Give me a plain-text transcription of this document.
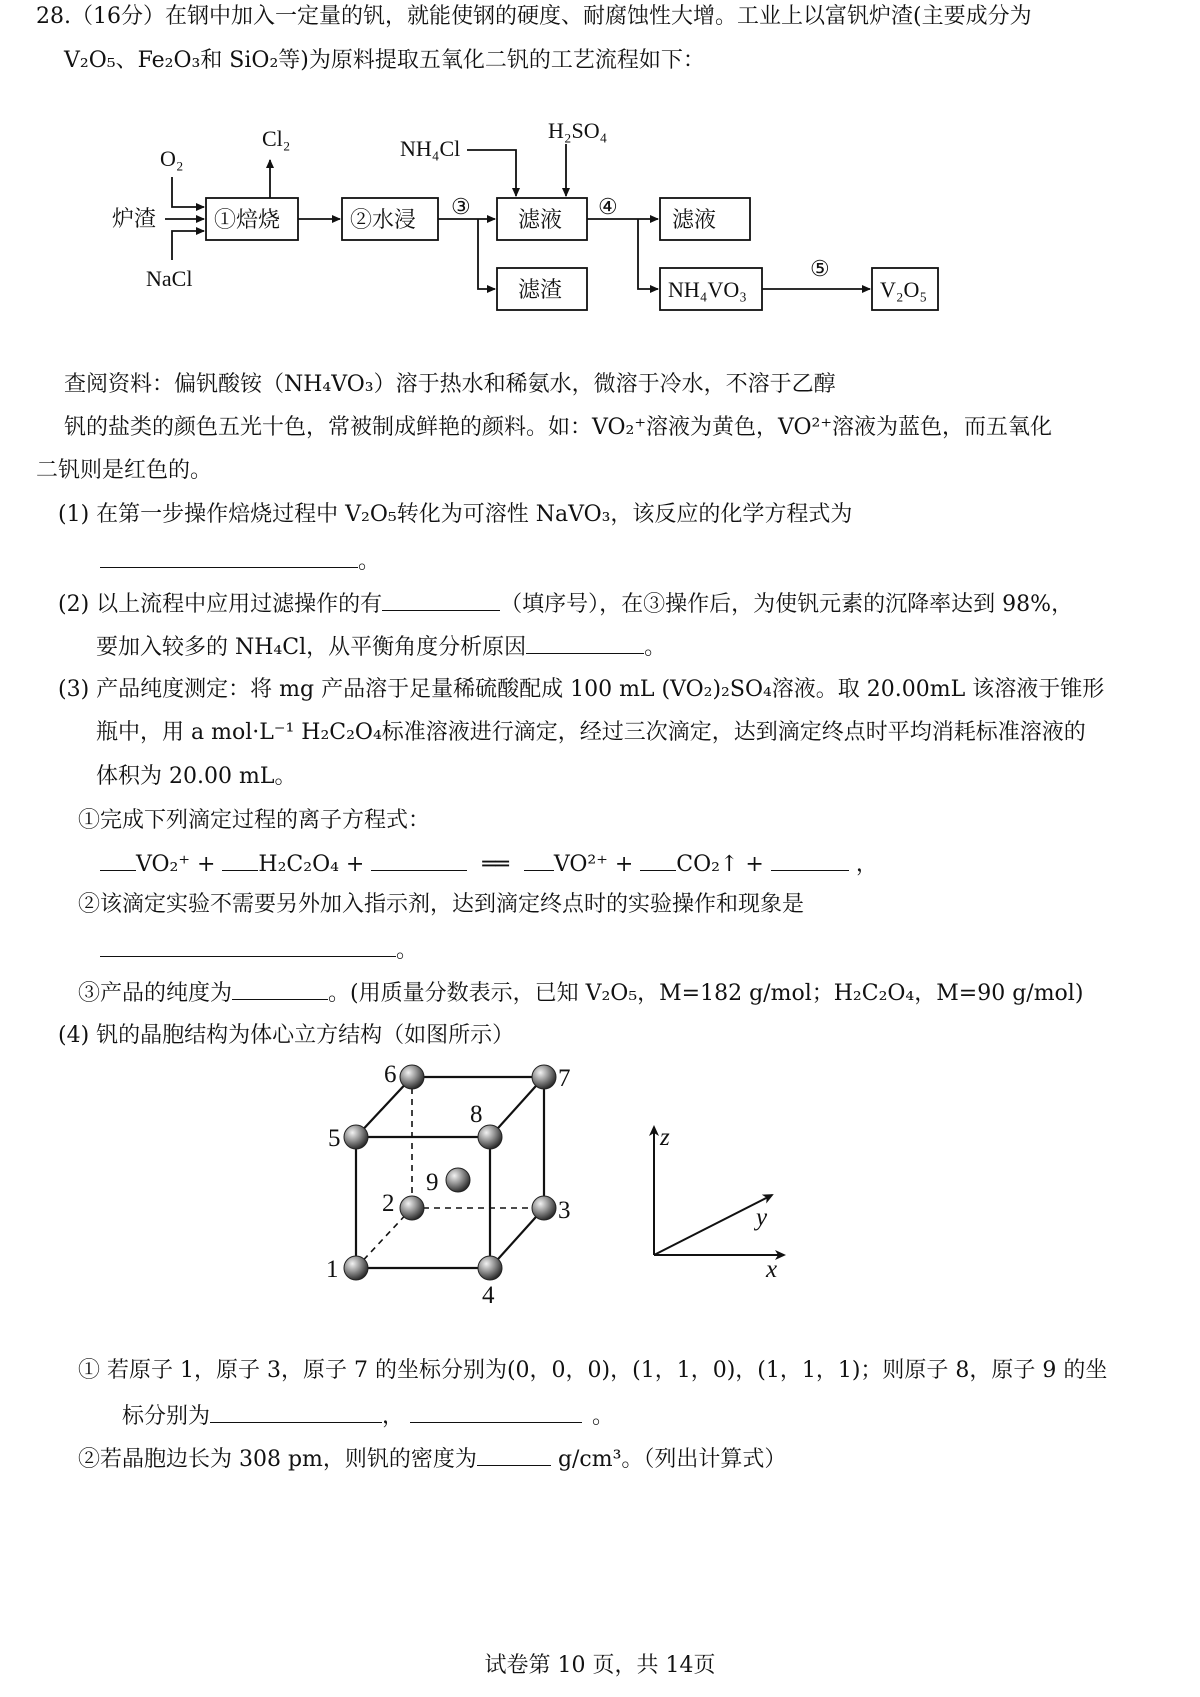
28.（16分）在钢中加入一定量的钒，就能使钢的硬度、耐腐蚀性大增。工业上以富钒炉渣(主要成分为
V₂O₅、Fe₂O₃和 SiO₂等)为原料提取五氧化二钒的工艺流程如下：
O₂
炉渣
NaCl
Cl₂
①焙烧	②水浸
③
NH₄Cl
H₂SO₄
滤液
滤渣
④
滤液
NH₄VO₃
⑤
V₂O₅
查阅资料：偏钒酸铵（NH₄VO₃）溶于热水和稀氨水，微溶于冷水，不溶于乙醇
钒的盐类的颜色五光十色，常被制成鲜艳的颜料。如：VO₂⁺溶液为黄色，VO²⁺溶液为蓝色，而五氧化
二钒则是红色的。
(1) 在第一步操作焙烧过程中 V₂O₅转化为可溶性 NaVO₃，该反应的化学方程式为
。
(2) 以上流程中应用过滤操作的有	（填序号），在③操作后，为使钒元素的沉降率达到 98%，
要加入较多的 NH₄Cl，从平衡角度分析原因	。
(3) 产品纯度测定：将 mg 产品溶于足量稀硫酸配成 100 mL (VO₂)₂SO₄溶液。取 20.00mL 该溶液于锥形
瓶中，用 a mol·L⁻¹ H₂C₂O₄标准溶液进行滴定，经过三次滴定，达到滴定终点时平均消耗标准溶液的
体积为 20.00 mL。
①完成下列滴定过程的离子方程式：
VO₂⁺ + H₂C₂O₄ +	══ VO²⁺ + CO₂↑ +	，
②该滴定实验不需要另外加入指示剂，达到滴定终点时的实验操作和现象是
。
③产品的纯度为	。(用质量分数表示，已知 V₂O₅，M=182 g/mol；H₂C₂O₄，M=90 g/mol)
(4) 钒的晶胞结构为体心立方结构（如图所示）
1
2	3
4
5
6	7
8
9
z
y
x
① 若原子 1，原子 3，原子 7 的坐标分别为(0，0，0)，(1，1，0)，(1，1，1)；则原子 8，原子 9 的坐
标分别为	，	。
②若晶胞边长为 308 pm，则钒的密度为	g/cm³。（列出计算式）
试卷第 10 页，共 14页
